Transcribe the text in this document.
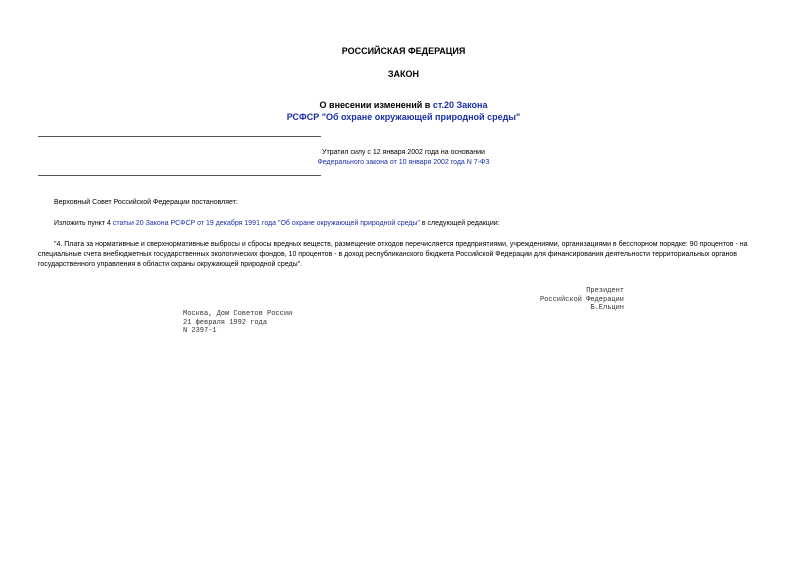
РОССИЙСКАЯ ФЕДЕРАЦИЯ
ЗАКОН
О внесении изменений в ст.20 Закона
РСФСР "Об охране окружающей природной среды"
Утратил силу с 12 января 2002 года на основании
Федерального закона от 10 января 2002 года N 7-ФЗ
Верховный Совет Российской Федерации постановляет:
Изложить пункт 4 статьи 20 Закона РСФСР от 19 декабря 1991 года "Об охране окружающей природной среды" в следующей редакции:
"4. Плата за нормативные и сверхнормативные выбросы и сбросы вредных веществ, размещение отходов перечисляется предприятиями, учреждениями, организациями в бесспорном порядке: 90 процентов - на
специальные счета внебюджетных государственных экологических фондов, 10 процентов - в доход республиканского бюджета Российской Федерации для финансирования деятельности территориальных органов
государственного управления в области охраны окружающей природной среды".
Президент
Российской Федерации
Б.Ельцин
Москва, Дом Советов России
21 февраля 1992 года
N 2397-1
